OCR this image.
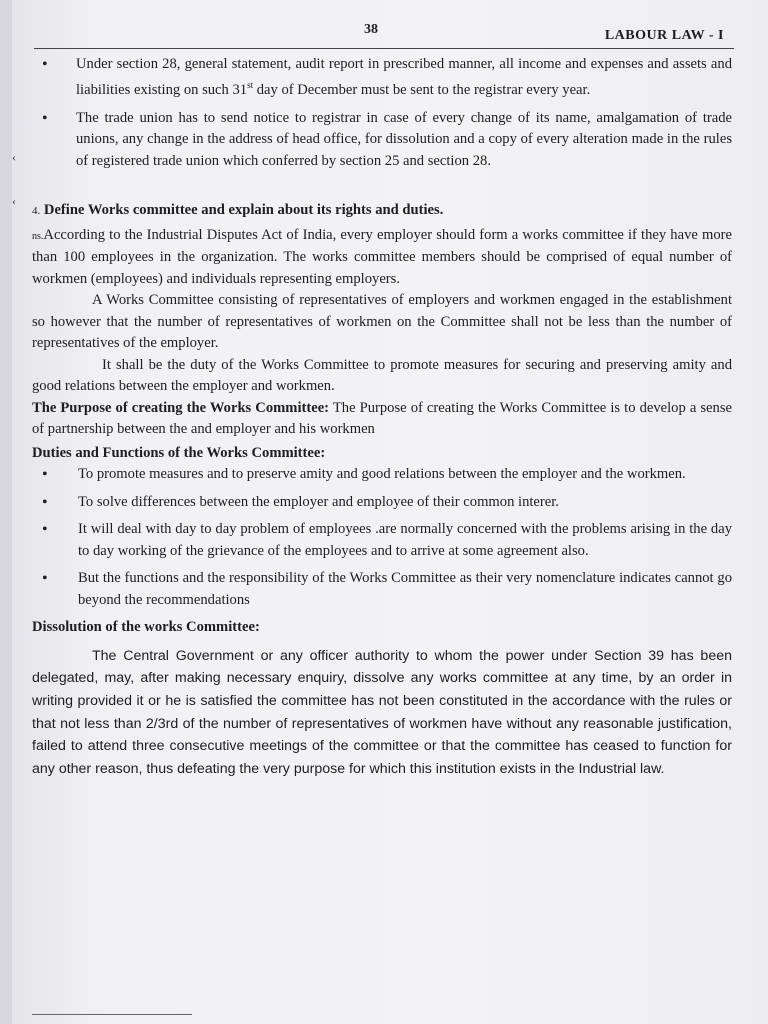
‹
‹
38	LABOUR LAW - I
• Under section 28, general statement, audit report in prescribed manner, all income and expenses and assets and liabilities existing on such 31st day of December must be sent to the registrar every year.
• The trade union has to send notice to registrar in case of every change of its name, amalgamation of trade unions, any change in the address of head office, for dissolution and a copy of every alteration made in the rules of registered trade union which conferred by section 25 and section 28.
4. Define Works committee and explain about its rights and duties.

ns.According to the Industrial Disputes Act of India, every employer should form a works committee if they have more than 100 employees in the organization. The works committee members should be comprised of equal number of workmen (employees) and individuals representing employers.

A Works Committee consisting of representatives of employers and workmen engaged in the establishment so however that the number of representatives of workmen on the Committee shall not be less than the number of representatives of the employer.

It shall be the duty of the Works Committee to promote measures for securing and preserving amity and good relations between the employer and workmen.

The Purpose of creating the Works Committee: The Purpose of creating the Works Committee is to develop a sense of partnership between the and employer and his workmen

Duties and Functions of the Works Committee:
• To promote measures and to preserve amity and good relations between the employer and the workmen.
• To solve differences between the employer and employee of their common interer.
• It will deal with day to day problem of employees .are normally concerned with the problems arising in the day to day working of the grievance of the employees and to arrive at some agreement also.
• But the functions and the responsibility of the Works Committee as their very nomenclature indicates cannot go beyond the recommendations
Dissolution of the works Committee:

The Central Government or any officer authority to whom the power under Section 39 has been delegated, may, after making necessary enquiry, dissolve any works committee at any time, by an order in writing provided it or he is satisfied the committee has not been constituted in the accordance with the rules or that not less than 2/3rd of the number of representatives of workmen have without any reasonable justification, failed to attend three consecutive meetings of the committee or that the committee has ceased to function for any other reason, thus defeating the very purpose for which this institution exists in the Industrial law.
